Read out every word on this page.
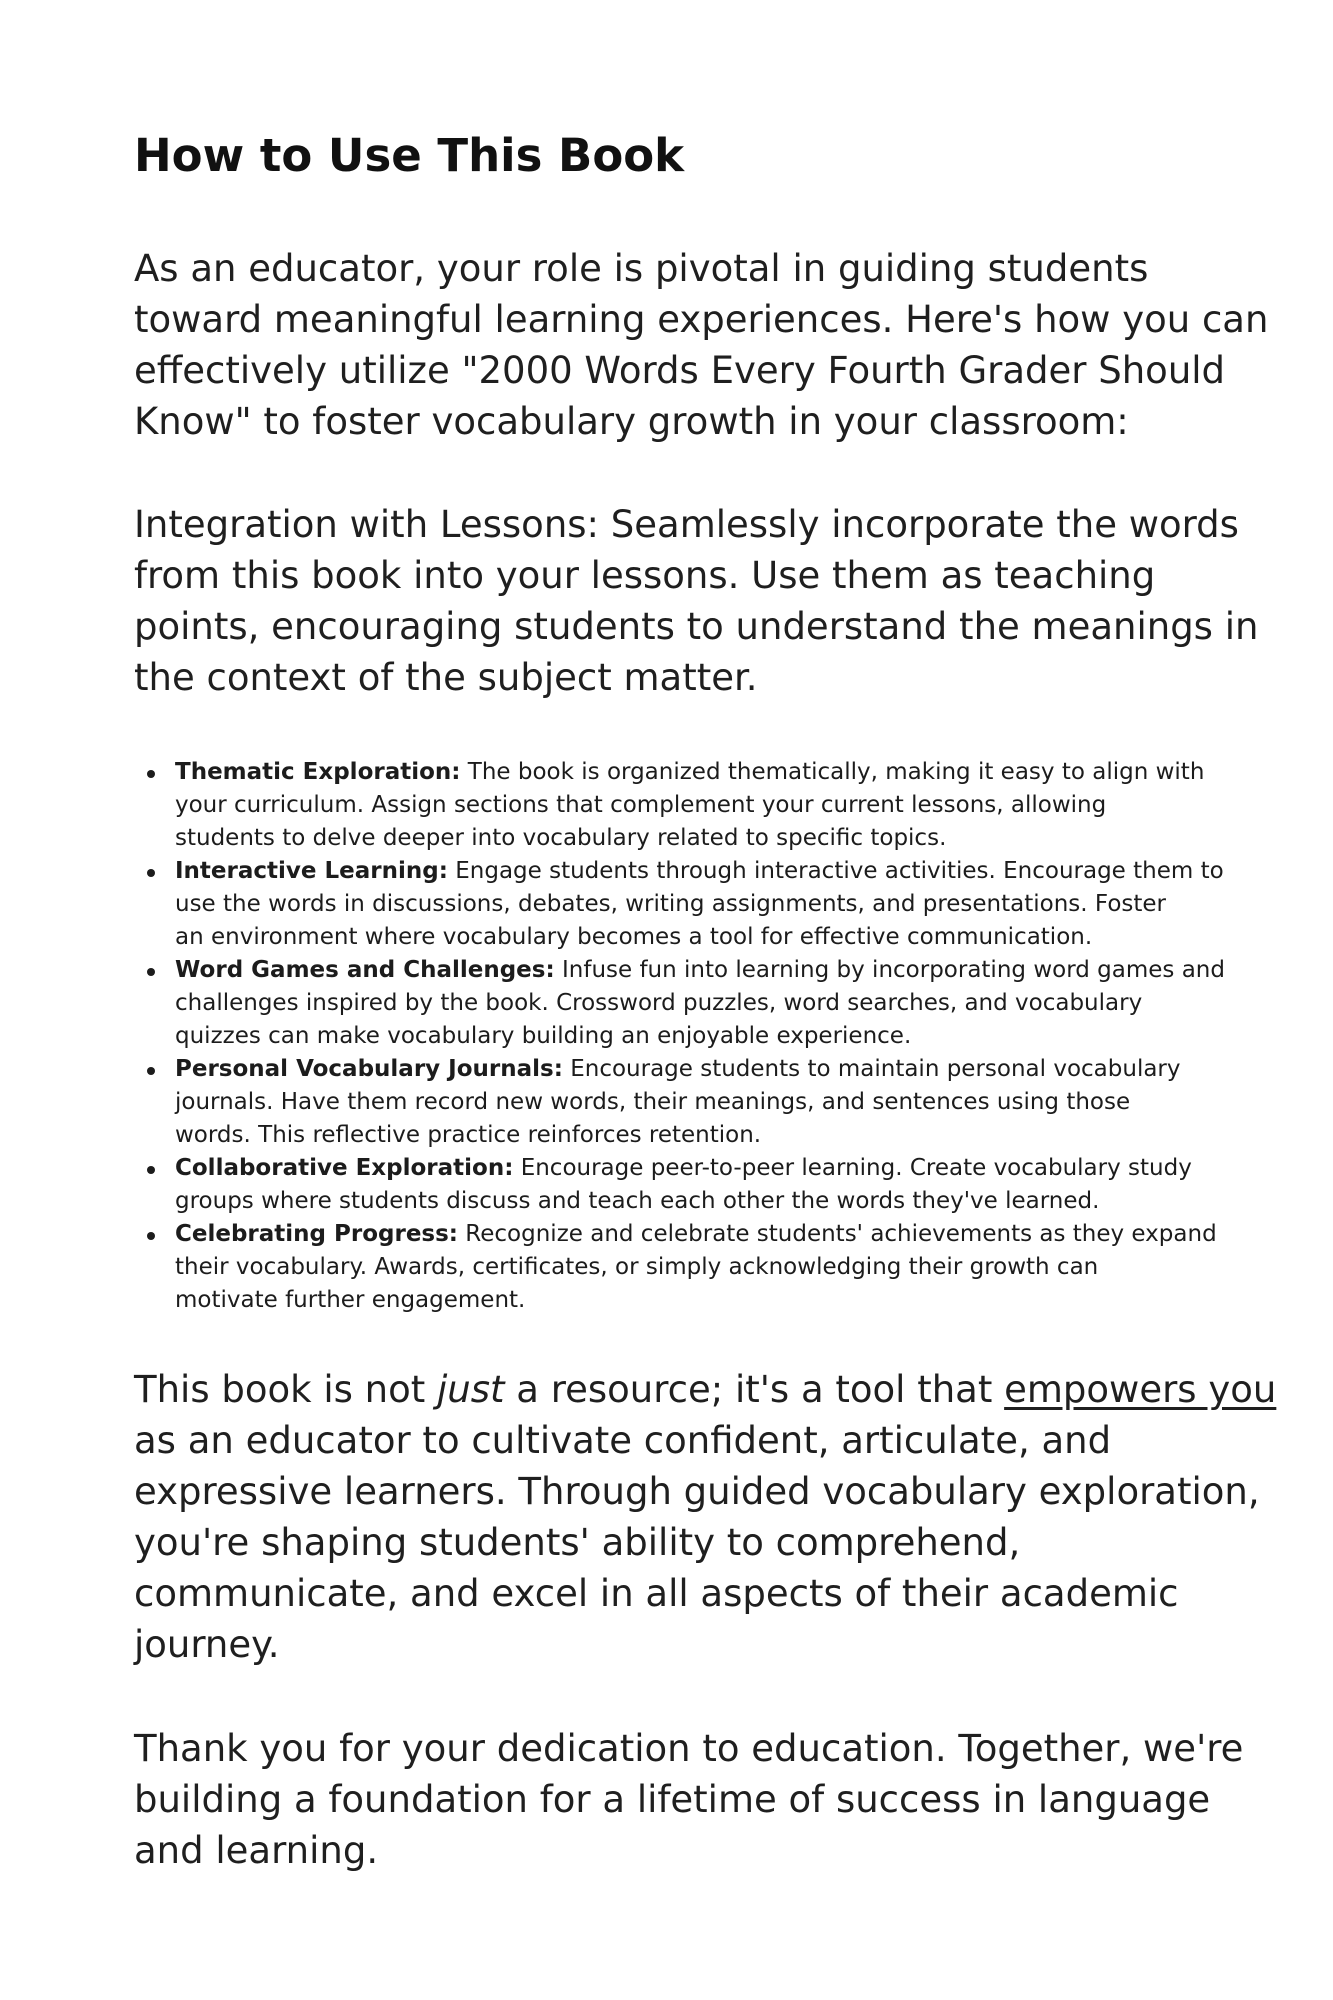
How to Use This Book

As an educator, your role is pivotal in guiding students
toward meaningful learning experiences. Here's how you can
effectively utilize "2000 Words Every Fourth Grader Should
Know" to foster vocabulary growth in your classroom:

Integration with Lessons: Seamlessly incorporate the words
from this book into your lessons. Use them as teaching
points, encouraging students to understand the meanings in
the context of the subject matter.

Thematic Exploration: The book is organized thematically, making it easy to align with
your curriculum. Assign sections that complement your current lessons, allowing
students to delve deeper into vocabulary related to specific topics.
Interactive Learning: Engage students through interactive activities. Encourage them to
use the words in discussions, debates, writing assignments, and presentations. Foster
an environment where vocabulary becomes a tool for effective communication.
Word Games and Challenges: Infuse fun into learning by incorporating word games and
challenges inspired by the book. Crossword puzzles, word searches, and vocabulary
quizzes can make vocabulary building an enjoyable experience.
Personal Vocabulary Journals: Encourage students to maintain personal vocabulary
journals. Have them record new words, their meanings, and sentences using those
words. This reflective practice reinforces retention.
Collaborative Exploration: Encourage peer-to-peer learning. Create vocabulary study
groups where students discuss and teach each other the words they've learned.
Celebrating Progress: Recognize and celebrate students' achievements as they expand
their vocabulary. Awards, certificates, or simply acknowledging their growth can
motivate further engagement.

This book is not just a resource; it's a tool that empowers you
as an educator to cultivate confident, articulate, and
expressive learners. Through guided vocabulary exploration,
you're shaping students' ability to comprehend,
communicate, and excel in all aspects of their academic
journey.

Thank you for your dedication to education. Together, we're
building a foundation for a lifetime of success in language
and learning.
